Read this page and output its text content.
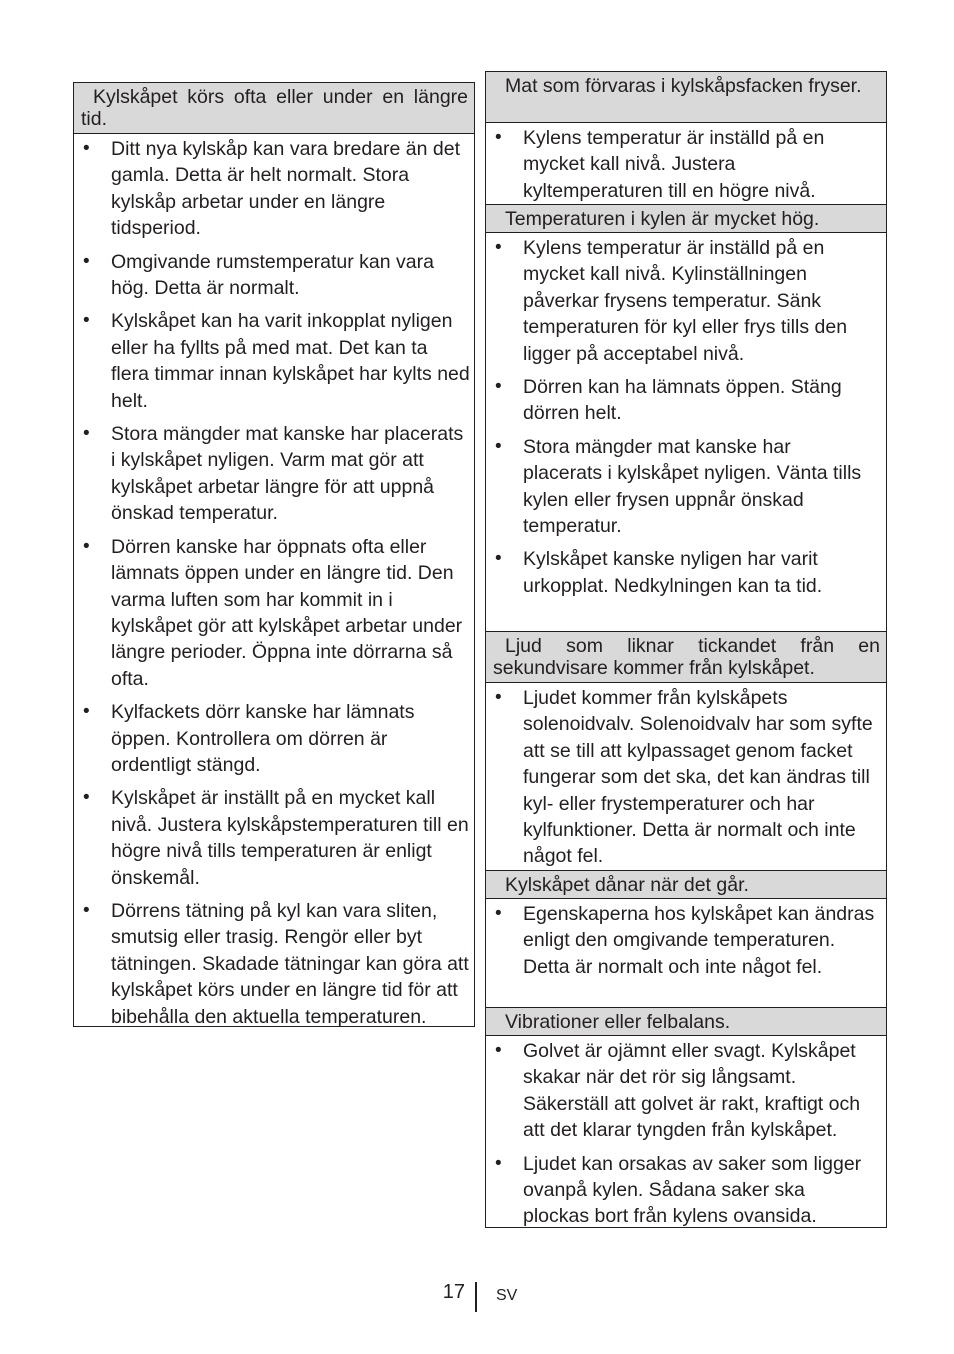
Kylskåpet körs ofta eller under en längre tid.
• Ditt nya kylskåp kan vara bredare än det gamla. Detta är helt normalt. Stora kylskåp arbetar under en längre tidsperiod.
• Omgivande rumstemperatur kan vara hög. Detta är normalt.
• Kylskåpet kan ha varit inkopplat nyligen eller ha fyllts på med mat. Det kan ta flera timmar innan kylskåpet har kylts ned helt.
• Stora mängder mat kanske har placerats i kylskåpet nyligen. Varm mat gör att kylskåpet arbetar längre för att uppnå önskad temperatur.
• Dörren kanske har öppnats ofta eller lämnats öppen under en längre tid. Den varma luften som har kommit in i kylskåpet gör att kylskåpet arbetar under längre perioder. Öppna inte dörrarna så ofta.
• Kylfackets dörr kanske har lämnats öppen. Kontrollera om dörren är ordentligt stängd.
• Kylskåpet är inställt på en mycket kall nivå. Justera kylskåpstemperaturen till en högre nivå tills temperaturen är enligt önskemål.
• Dörrens tätning på kyl kan vara sliten, smutsig eller trasig. Rengör eller byt tätningen. Skadade tätningar kan göra att kylskåpet körs under en längre tid för att bibehålla den aktuella temperaturen.
Mat som förvaras i kylskåpsfacken fryser.
• Kylens temperatur är inställd på en mycket kall nivå. Justera kyltemperaturen till en högre nivå.
Temperaturen i kylen är mycket hög.
• Kylens temperatur är inställd på en mycket kall nivå. Kylinställningen påverkar frysens temperatur. Sänk temperaturen för kyl eller frys tills den ligger på acceptabel nivå.
• Dörren kan ha lämnats öppen. Stäng dörren helt.
• Stora mängder mat kanske har placerats i kylskåpet nyligen. Vänta tills kylen eller frysen uppnår önskad temperatur.
• Kylskåpet kanske nyligen har varit urkopplat. Nedkylningen kan ta tid.
Ljud som liknar tickandet från en sekundvisare kommer från kylskåpet.
• Ljudet kommer från kylskåpets solenoidvalv. Solenoidvalv har som syfte att se till att kylpassaget genom facket fungerar som det ska, det kan ändras till kyl- eller frystemperaturer och har kylfunktioner. Detta är normalt och inte något fel.
Kylskåpet dånar när det går.
• Egenskaperna hos kylskåpet kan ändras enligt den omgivande temperaturen. Detta är normalt och inte något fel.
Vibrationer eller felbalans.
• Golvet är ojämnt eller svagt. Kylskåpet skakar när det rör sig långsamt. Säkerställ att golvet är rakt, kraftigt och att det klarar tyngden från kylskåpet.
• Ljudet kan orsakas av saker som ligger ovanpå kylen. Sådana saker ska plockas bort från kylens ovansida.
17 SV
